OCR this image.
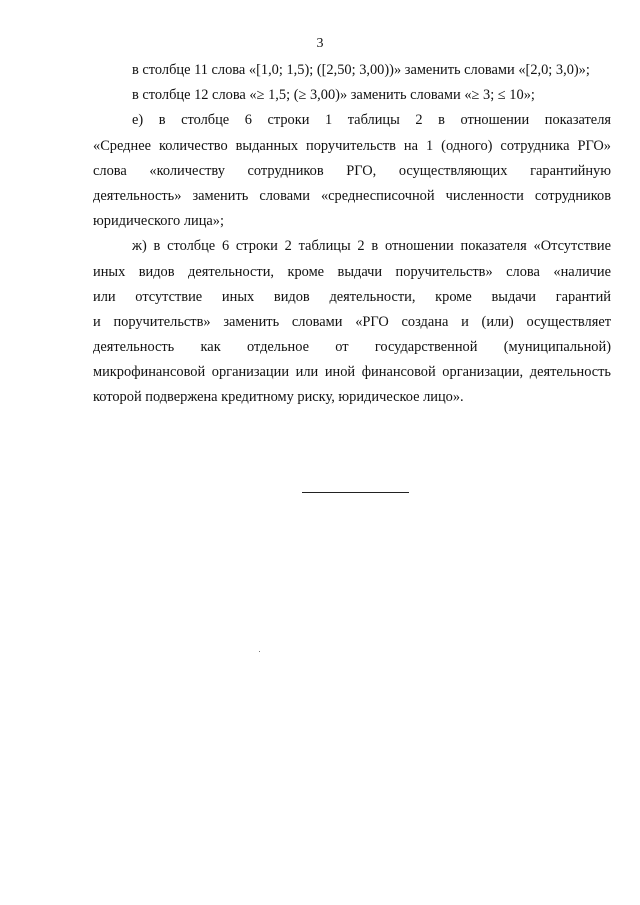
3
в столбце 11 слова «[1,0; 1,5); ([2,50; 3,00))» заменить словами «[2,0; 3,0)»;
в столбце 12 слова «≥ 1,5; (≥ 3,00)» заменить словами «≥ 3; ≤ 10»;
е) в столбце 6 строки 1 таблицы 2 в отношении показателя
«Среднее количество выданных поручительств на 1 (одного) сотрудника РГО»
слова «количеству сотрудников РГО, осуществляющих гарантийную
деятельность» заменить словами «среднесписочной численности сотрудников
юридического лица»;
ж) в столбце 6 строки 2 таблицы 2 в отношении показателя «Отсутствие
иных видов деятельности, кроме выдачи поручительств» слова «наличие
или отсутствие иных видов деятельности, кроме выдачи гарантий
и поручительств» заменить словами «РГО создана и (или) осуществляет
деятельность как отдельное от государственной (муниципальной)
микрофинансовой организации или иной финансовой организации, деятельность
которой подвержена кредитному риску, юридическое лицо».
